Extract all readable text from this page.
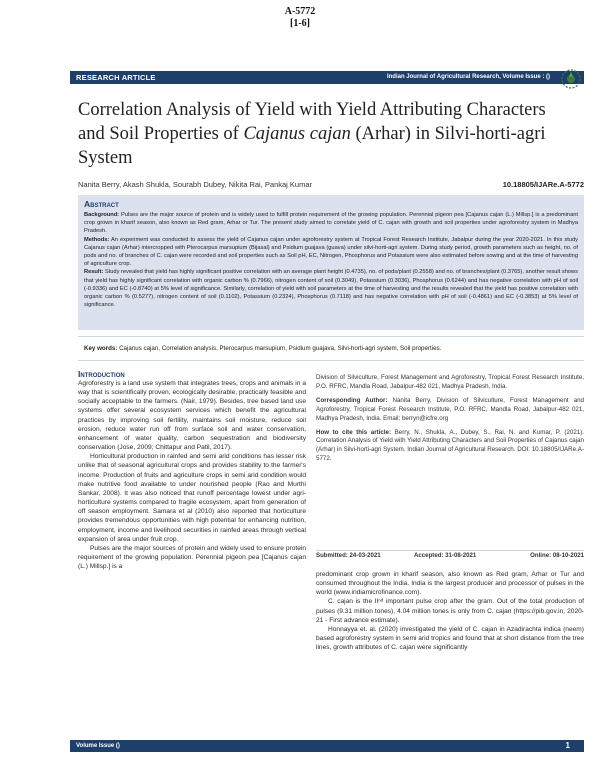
A-5772
[1-6]
RESEARCH ARTICLE	Indian Journal of Agricultural Research, Volume Issue : ()
Correlation Analysis of Yield with Yield Attributing Characters
and Soil Properties of Cajanus cajan (Arhar) in Silvi-horti-agri
System
Nanita Berry, Akash Shukla, Sourabh Dubey, Nikita Rai, Pankaj Kumar	10.18805/IJARe.A-5772
Abstract
Background: Pulses are the major source of protein and is widely used to fulfill protein requirement of the growing population. Perennial pigeon pea [Cajanus cajan (L.) Millsp.] is a predominant crop grown in kharif season, also known as Red gram, Arhar or Tur. The present study aimed to correlate yield of C. cajan with growth and soil properties under agroforestry system in Madhya Pradesh.
Methods: An experiment was conducted to assess the yield of Cajanus cajan under agroforestry system at Tropical Forest Research Institute, Jabalpur during the year 2020-2021. In this study Cajanus cajan (Arhar) intercropped with Pterocarpus marsupium (Bijasal) and Psidium guajava (guava) under silvi-horti-agri system. During study period, growth parameters such as height, no. of pods and no. of branches of C. cajan were recorded and soil properties such as Soil pH, EC, Nitrogen, Phosphorus and Potassium were also estimated before sowing and at the time of harvesting of agriculture crop.
Result: Study revealed that yield has highly significant positive correlation with an average plant height (0.4735), no. of pods/plant (0.2558) and no. of branches/plant (0.3765), another result shows that yield has highly significant correlation with organic carbon % (0.7966), nitrogen content of soil (0.3049), Potassium (0.3036), Phosphorus (0.6244) and has negative correlation with pH of soil (-0.9336) and EC (-0.8740) at 5% level of significance. Similarly, correlation of yield with soil parameters at the time of harvesting and the results revealed that the yield has positive correlation with organic carbon % (0.5277), nitrogen content of soil (0.1102), Potassium (0.2324), Phosphorus (0.7118) and has negative correlation with pH of soil (-0.4861) and EC (-0.3853) at 5% level of significance.
Key words: Cajanus cajan, Correlation analysis, Pterocarpus marsupium, Psidium guajava, Silvi-horti-agri system, Soil properties.
Introduction

Agroforestry is a land use system that integrates trees, crops and animals in a way that is scientifically proven, ecologically desirable, practically feasible and socially acceptable to the farmers. (Nair, 1979). Besides, tree based land use systems offer several ecosystem services which benefit the agricultural practices by improving soil fertility, maintains soil moisture, reduce soil erosion, reduce water run off from surface soil and water conservation, enhancement of water quality, carbon sequestration and biodiversity conservation (Jose, 2009; Chittapur and Patil, 2017).

Horticultural production in rainfed and semi arid conditions has lesser risk unlike that of seasonal agricultural crops and provides stability to the farmer's income. Production of fruits and agriculture crops in semi arid condition would make nutritive food available to under nourished people (Rao and Murthi Sankar, 2008). It was also noticed that runoff percentage lowest under agri-horticulture systems compared to fragile ecosystem, apart from generation of off season employment. Samara et al (2010) also reported that horticulture provides tremendous opportunities with high potential for enhancing nutrition, employment, income and livelihood securities in rainfed areas through vertical expansion of area under fruit crop.

Pulses are the major sources of protein and widely used to ensure protein requirement of the growing population. Perennial pigeon pea [Cajanus cajan (L.) Millsp.] is a

Division of Silviculture, Forest Management and Agroforestry, Tropical Forest Research Institute, P.O. RFRC, Mandla Road, Jabalpur-482 021, Madhya Pradesh, India.

Corresponding Author: Nanita Berry, Division of Silviculture, Forest Management and Agroforestry, Tropical Forest Research Institute, P.O. RFRC, Mandla Road, Jabalpur-482 021, Madhya Pradesh, India. Email: berryn@icfre.org

How to cite this article: Berry, N., Shukla, A., Dubey, S., Rai, N. and Kumar, P. (2021). Correlation Analysis of Yield with Yield Attributing Characters and Soil Properties of Cajanus cajan (Arhar) in Silvi-horti-agri System. Indian Journal of Agricultural Research. DOI: 10.18805/IJARe.A-5772.

Submitted: 24-03-2021	Accepted: 31-08-2021	Online: 08-10-2021

predominant crop grown in kharif season, also known as Red gram, Arhar or Tur and consumed throughout the India. India is the largest producer and processor of pulses in the world (www.indiamicrofinance.com).

C. cajan is the IIⁿᵈ important pulse crop after the gram. Out of the total production of pulses (9.31 million tones), 4.04 million tones is only from C. cajan (https://pib.gov.in, 2020-21 - First advance estimate).

Honnayya et. al. (2020) investigated the yield of C. cajan in Azadirachta indica (neem) based agroforestry system in semi arid tropics and found that at short distance from the tree lines, growth attributes of C. cajan were significantly

Volume Issue ()	1
